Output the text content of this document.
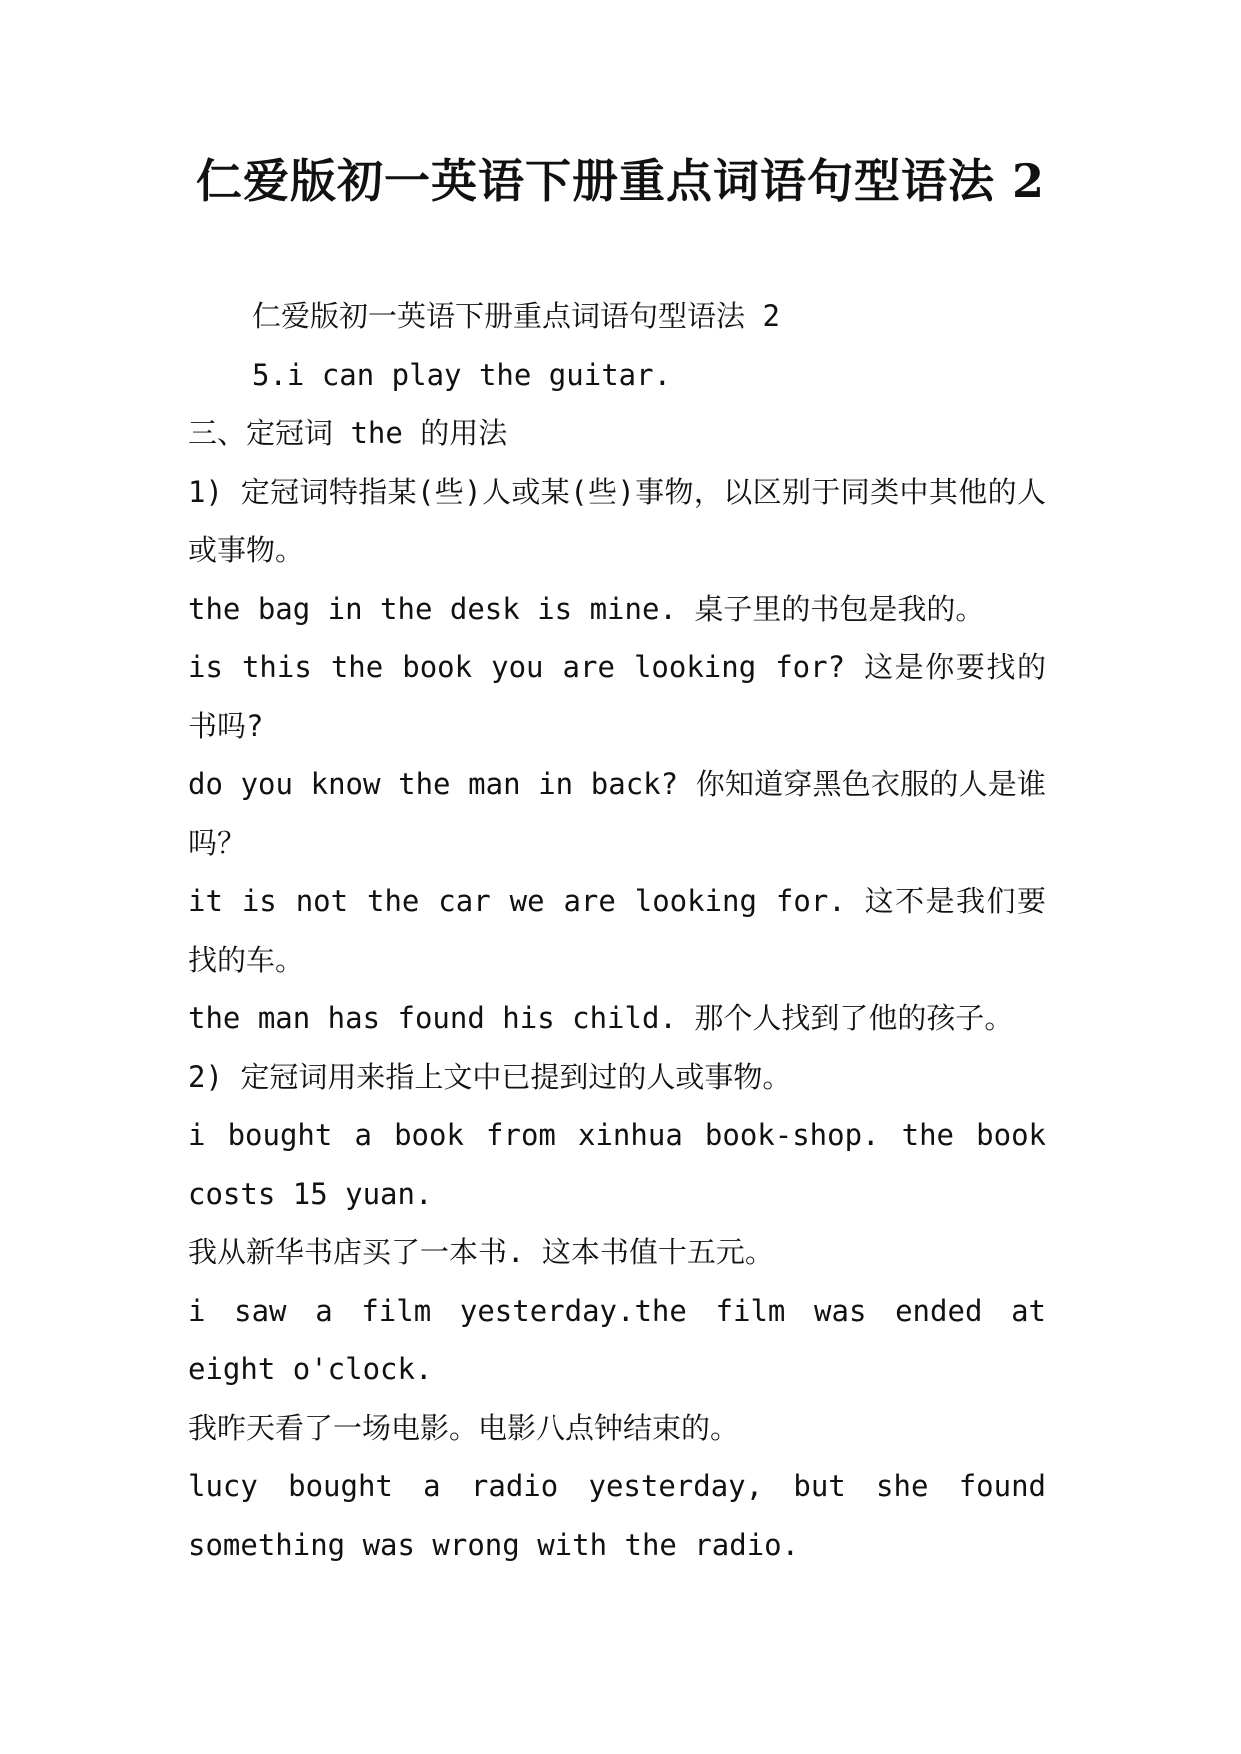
仁爱版初一英语下册重点词语句型语法 2

仁爱版初一英语下册重点词语句型语法 2

5.i can play the guitar.

三、定冠词 the 的用法

1) 定冠词特指某(些)人或某(些)事物，以区别于同类中其他的人或事物。

the bag in the desk is mine. 桌子里的书包是我的。

is this the book you are looking for? 这是你要找的书吗?

do you know the man in back? 你知道穿黑色衣服的人是谁吗？

it is not the car we are looking for. 这不是我们要找的车。

the man has found his child. 那个人找到了他的孩子。

2) 定冠词用来指上文中已提到过的人或事物。

i bought a book from xinhua book-shop. the book costs 15 yuan.

我从新华书店买了一本书. 这本书值十五元。

i saw a film yesterday.the film was ended at eight o'clock.

我昨天看了一场电影。电影八点钟结束的。

lucy bought a radio yesterday, but she found something was wrong with the radio.
